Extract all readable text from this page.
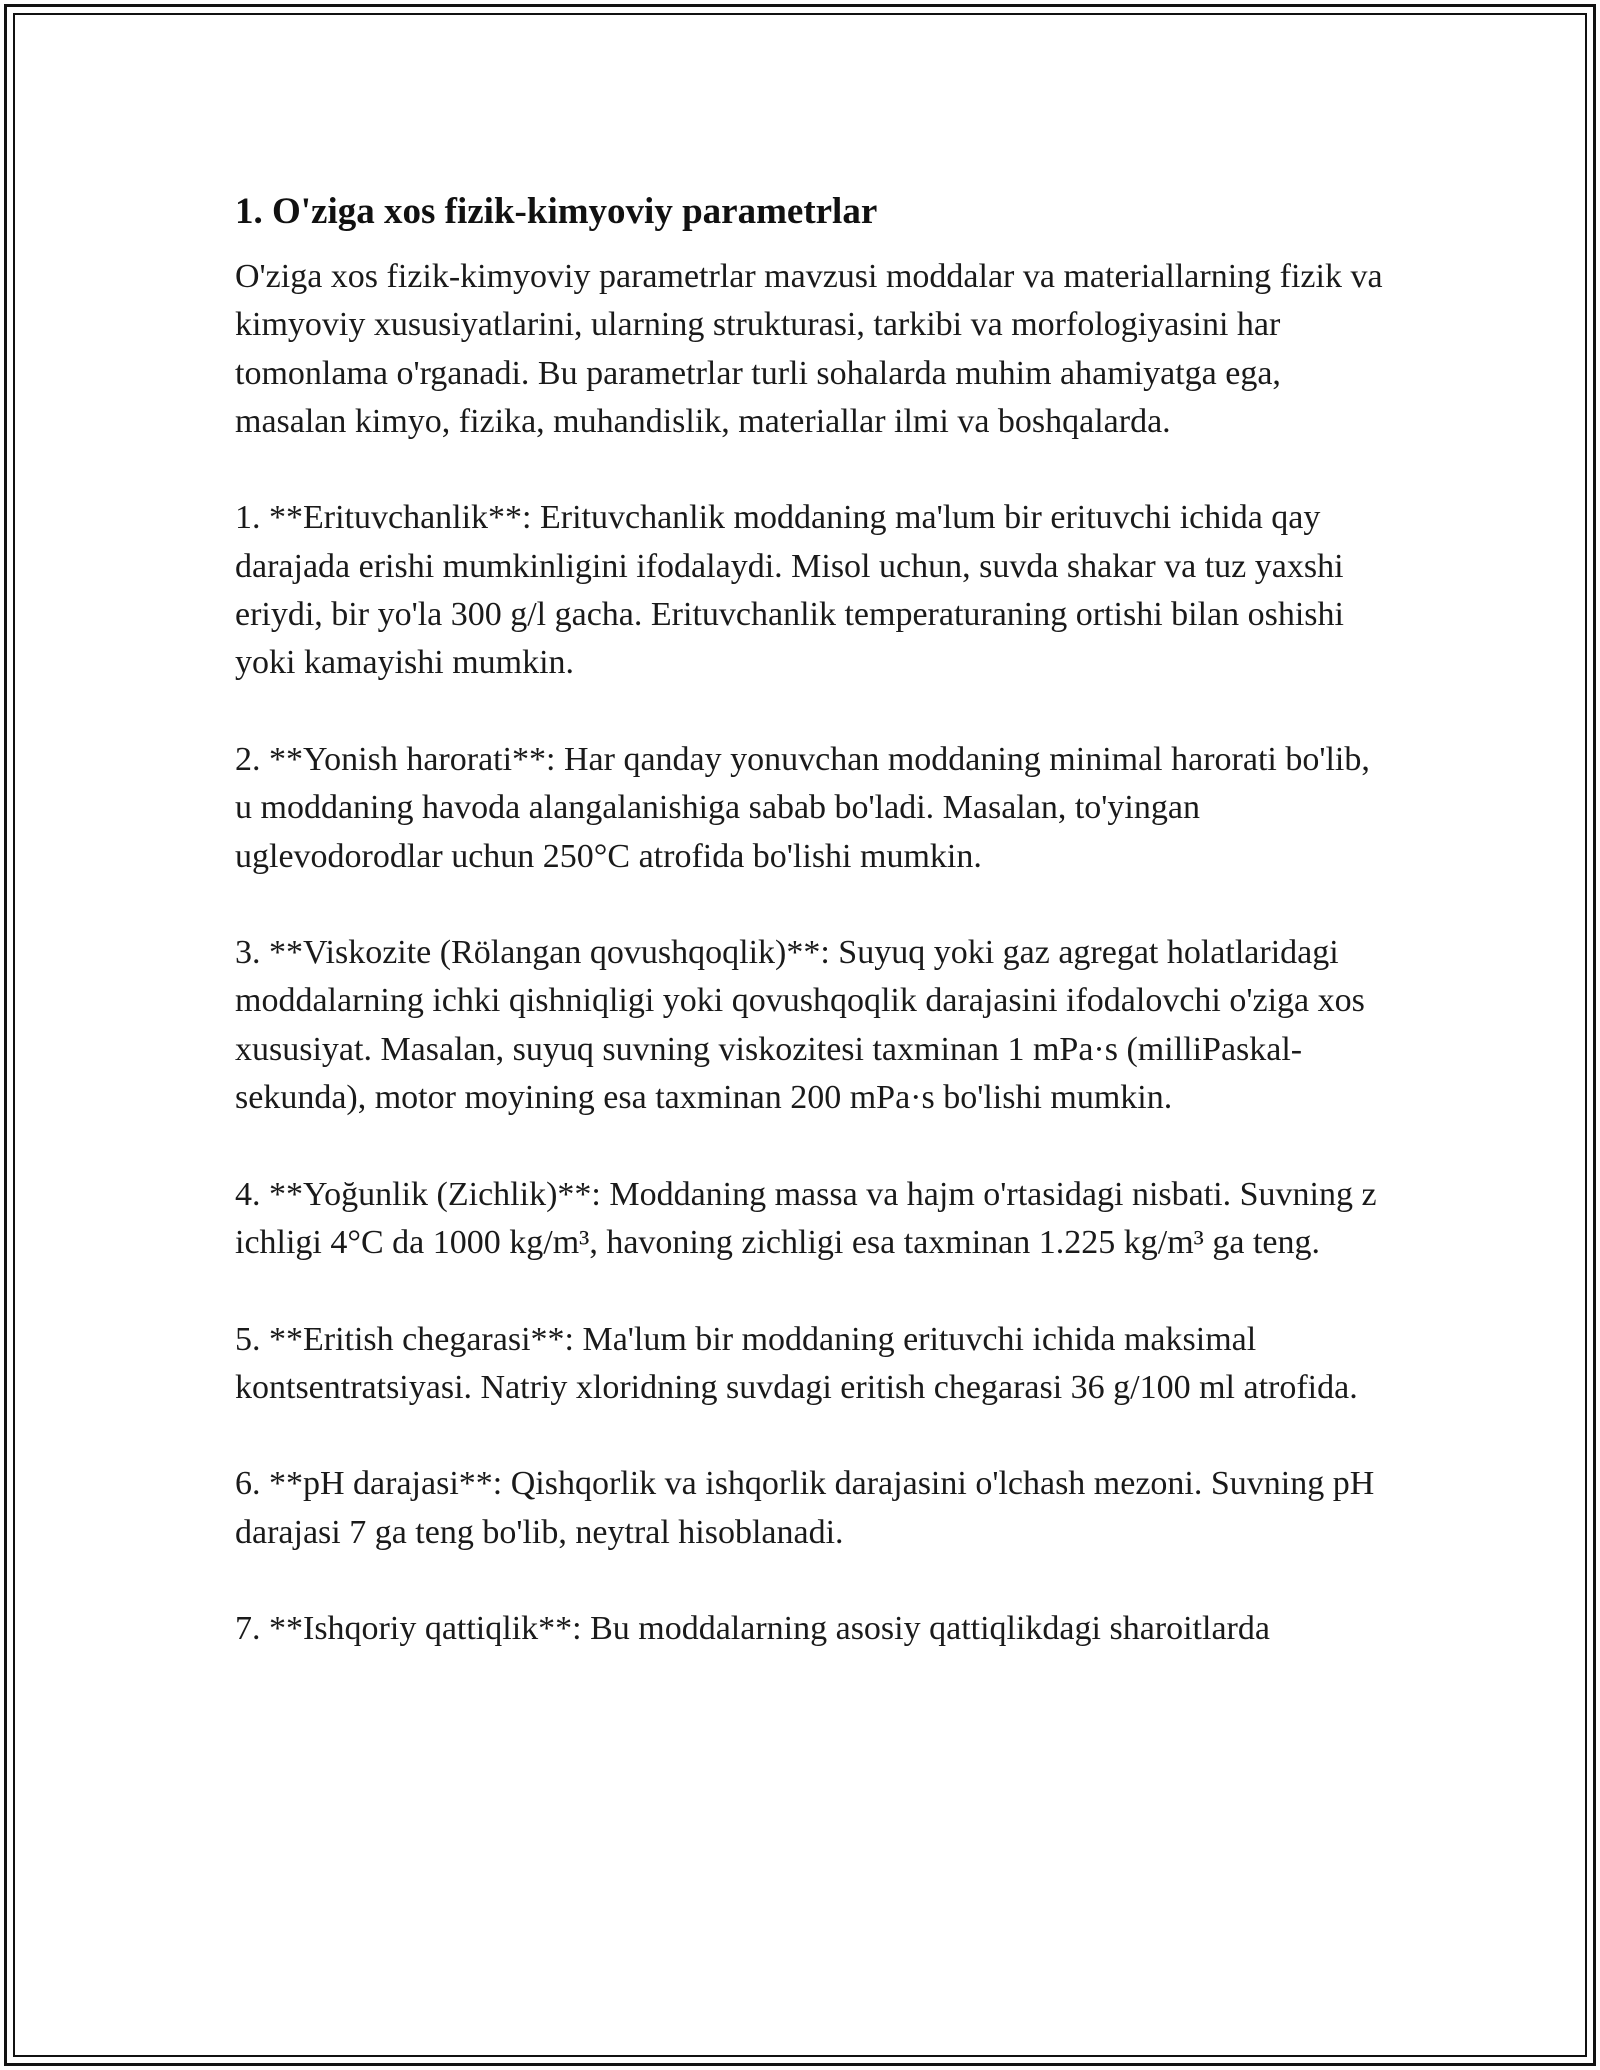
1. O'ziga xos fizik-kimyoviy parametrlar

O'ziga xos fizik-kimyoviy parametrlar mavzusi moddalar va materiallarning fizik va kimyoviy xususiyatlarini, ularning strukturasi, tarkibi va morfologiyasini har tomonlama o'rganadi. Bu parametrlar turli sohalarda muhim ahamiyatga ega, masalan kimyo, fizika, muhandislik, materiallar ilmi va boshqalarda.

1. **Erituvchanlik**: Erituvchanlik moddaning ma'lum bir erituvchi ichida qay darajada erishi mumkinligini ifodalaydi. Misol uchun, suvda shakar va tuz yaxshi eriydi, bir yo'la 300 g/l gacha. Erituvchanlik temperaturaning ortishi bilan oshishi yoki kamayishi mumkin.

2. **Yonish harorati**: Har qanday yonuvchan moddaning minimal harorati bo'lib, u moddaning havoda alangalanishiga sabab bo'ladi. Masalan, to'yingan uglevodorodlar uchun 250°C atrofida bo'lishi mumkin.

3. **Viskozite (Rölangan qovushqoqlik)**: Suyuq yoki gaz agregat holatlaridagi moddalarning ichki qishniqligi yoki qovushqoqlik darajasini ifodalovchi o'ziga xos xususiyat. Masalan, suyuq suvning viskozitesi taxminan 1 mPa·s (milliPaskal-sekunda), motor moyining esa taxminan 200 mPa·s bo'lishi mumkin.

4. **Yoğunlik (Zichlik)**: Moddaning massa va hajm o'rtasidagi nisbati. Suvning z ichligi 4°C da 1000 kg/m³, havoning zichligi esa taxminan 1.225 kg/m³ ga teng.

5. **Eritish chegarasi**: Ma'lum bir moddaning erituvchi ichida maksimal kontsentratsiyasi. Natriy xloridning suvdagi eritish chegarasi 36 g/100 ml atrofida.

6. **pH darajasi**: Qishqorlik va ishqorlik darajasini o'lchash mezoni. Suvning pH darajasi 7 ga teng bo'lib, neytral hisoblanadi.

7. **Ishqoriy qattiqlik**: Bu moddalarning asosiy qattiqlikdagi sharoitlarda
